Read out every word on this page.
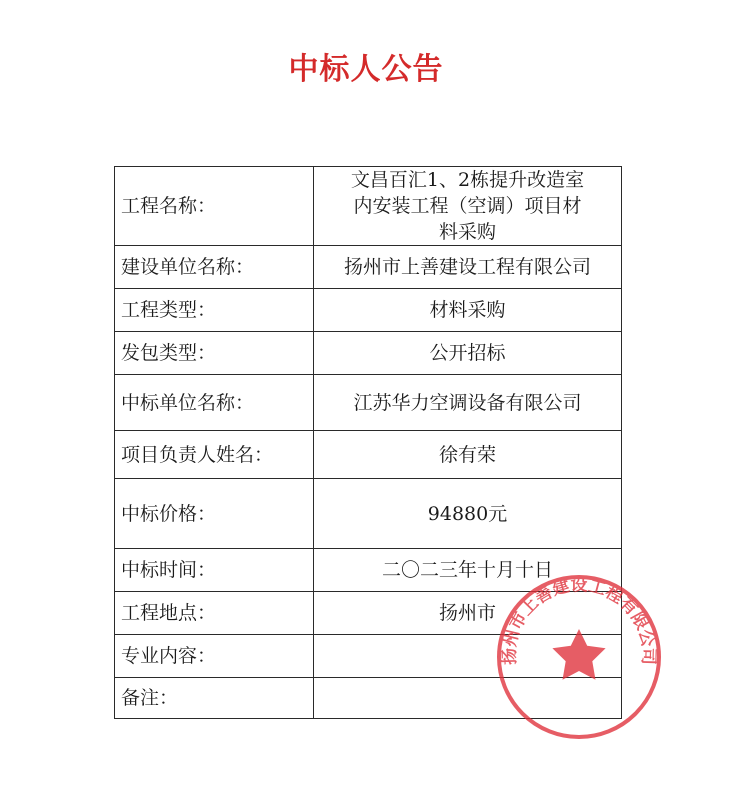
中标人公告
工程名称：	文昌百汇1、2栋提升改造室内安装工程（空调）项目材料采购
建设单位名称：	扬州市上善建设工程有限公司
工程类型：	材料采购
发包类型：	公开招标
中标单位名称：	江苏华力空调设备有限公司
项目负责人姓名：	徐有荣
中标价格：	94880元
中标时间：	二〇二三年十月十日
工程地点：	扬州市
专业内容：	
备注：	
扬州市上善建设工程有限公司
